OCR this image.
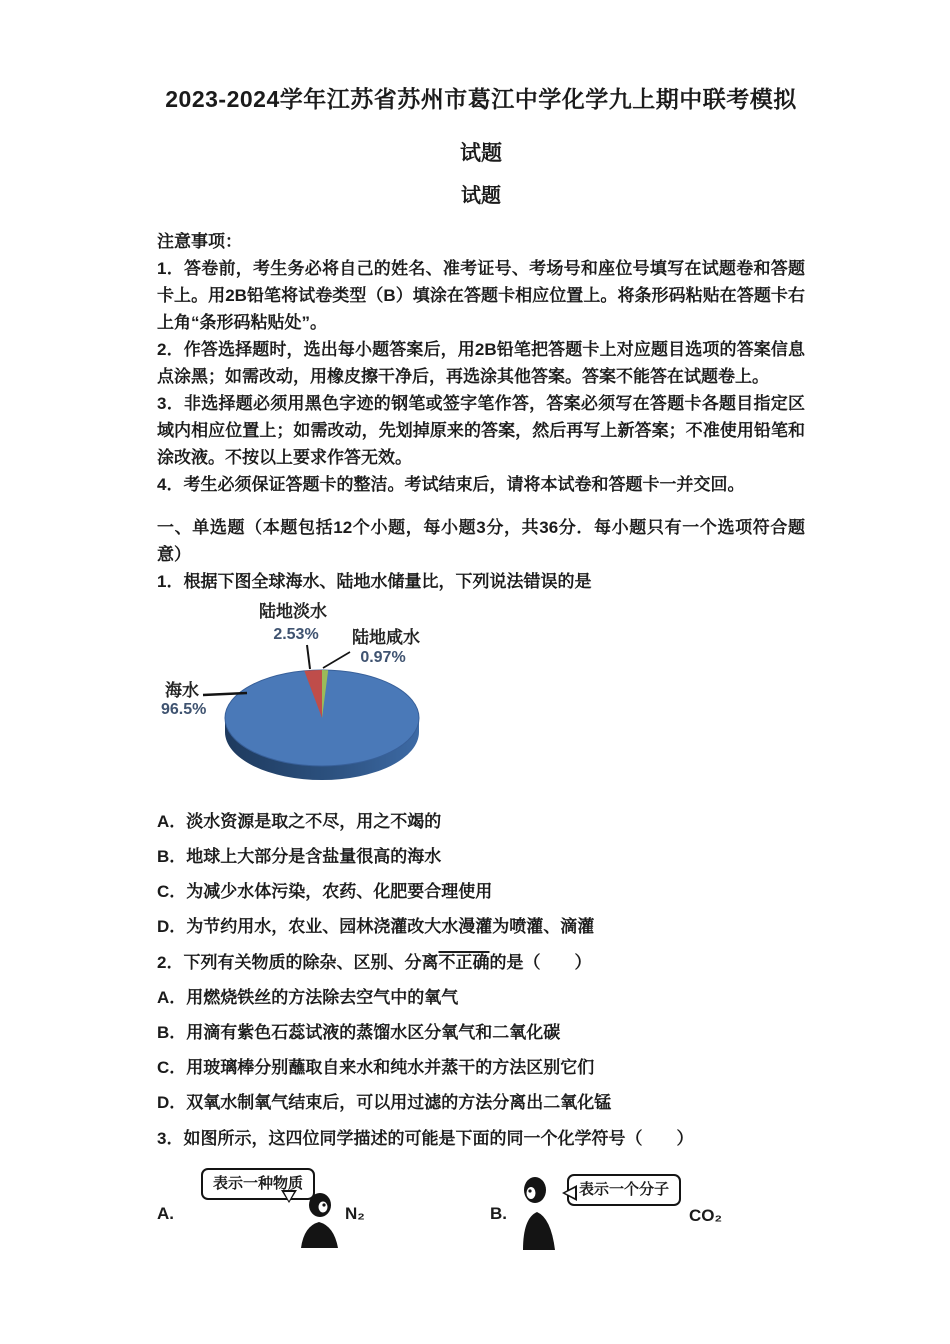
2023-2024学年江苏省苏州市葛江中学化学九上期中联考模拟

试题

试题

注意事项：

1．答卷前，考生务必将自己的姓名、准考证号、考场号和座位号填写在试题卷和答题卡上。用2B铅笔将试卷类型（B）填涂在答题卡相应位置上。将条形码粘贴在答题卡右上角“条形码粘贴处”。

2．作答选择题时，选出每小题答案后，用2B铅笔把答题卡上对应题目选项的答案信息点涂黑；如需改动，用橡皮擦干净后，再选涂其他答案。答案不能答在试题卷上。

3．非选择题必须用黑色字迹的钢笔或签字笔作答，答案必须写在答题卡各题目指定区域内相应位置上；如需改动，先划掉原来的答案，然后再写上新答案；不准使用铅笔和涂改液。不按以上要求作答无效。

4．考生必须保证答题卡的整洁。考试结束后，请将本试卷和答题卡一并交回。

一、单选题（本题包括12个小题，每小题3分，共36分．每小题只有一个选项符合题意）

1．根据下图全球海水、陆地水储量比，下列说法错误的是

陆地淡水
2.53% 陆地咸水
0.97%
海水
96.5%

A．淡水资源是取之不尽，用之不竭的

B．地球上大部分是含盐量很高的海水

C．为减少水体污染，农药、化肥要合理使用

D．为节约用水，农业、园林浇灌改大水漫灌为喷灌、滴灌

2．下列有关物质的除杂、区别、分离不正确的是（　　）

A．用燃烧铁丝的方法除去空气中的氧气

B．用滴有紫色石蕊试液的蒸馏水区分氧气和二氧化碳

C．用玻璃棒分别蘸取自来水和纯水并蒸干的方法区别它们

D．双氧水制氧气结束后，可以用过滤的方法分离出二氧化锰

3．如图所示，这四位同学描述的可能是下面的同一个化学符号（　　）

A.
表示一种物质
N₂	B.
表示一个分子
CO₂
